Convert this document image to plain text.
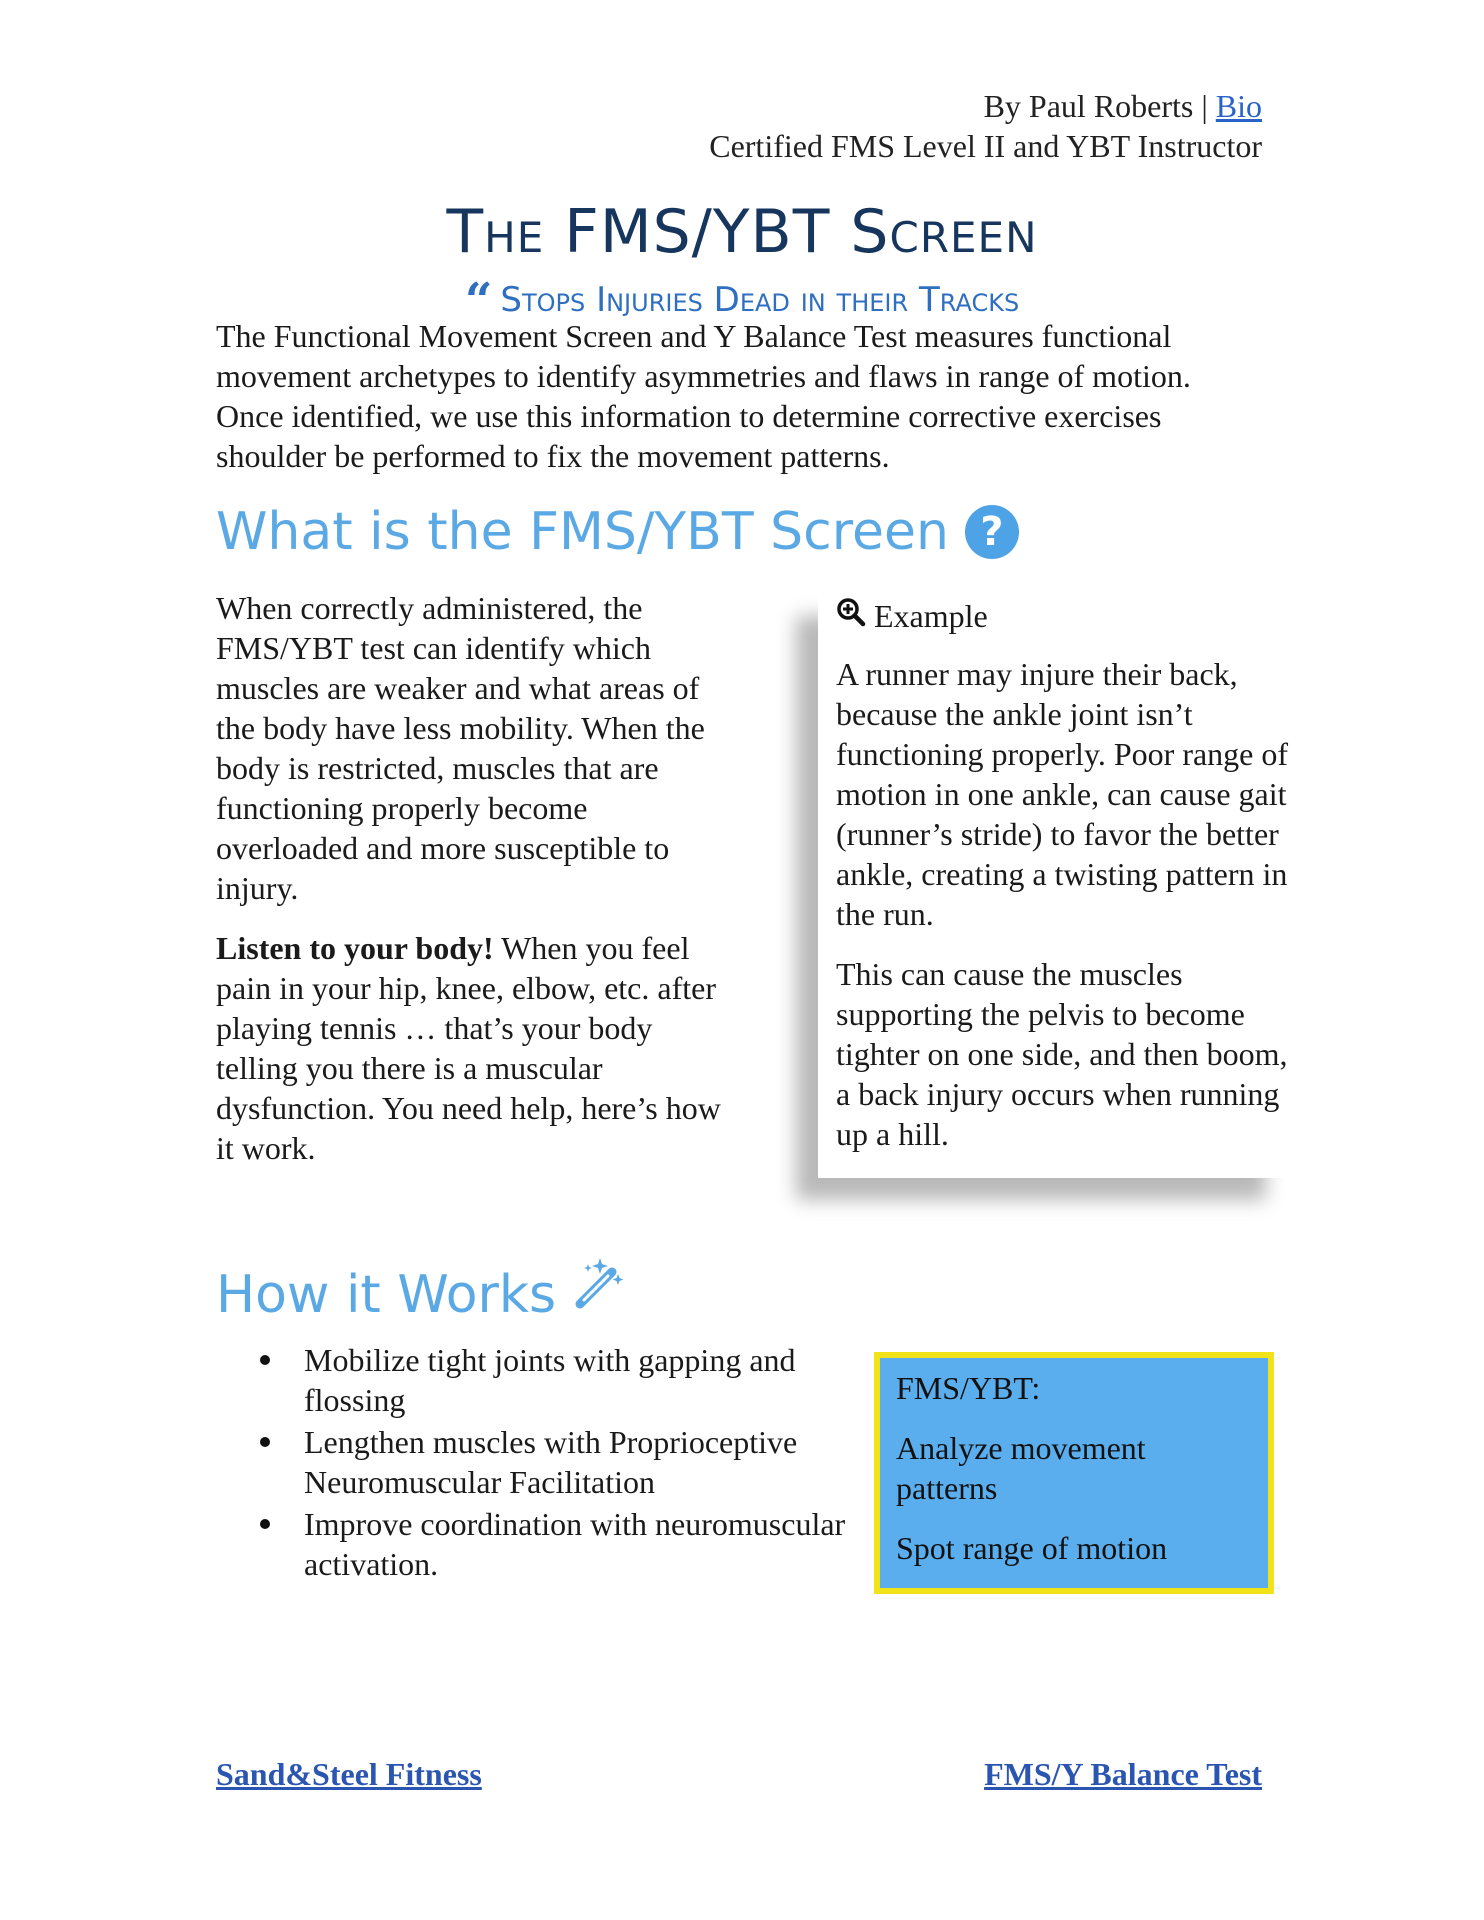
By Paul Roberts | Bio
Certified FMS Level II and YBT Instructor
The FMS/YBT Screen
“ Stops Injuries Dead in their Tracks
The Functional Movement Screen and Y Balance Test measures functional movement archetypes to identify asymmetries and flaws in range of motion. Once identified, we use this information to determine corrective exercises shoulder be performed to fix the movement patterns.
What is the FMS/YBT Screen ?

When correctly administered, the FMS/YBT test can identify which muscles are weaker and what areas of the body have less mobility. When the body is restricted, muscles that are functioning properly become overloaded and more susceptible to injury.

Listen to your body! When you feel pain in your hip, knee, elbow, etc. after playing tennis … that’s your body telling you there is a muscular dysfunction. You need help, here’s how it work.

Example

A runner may injure their back, because the ankle joint isn’t functioning properly. Poor range of motion in one ankle, can cause gait (runner’s stride) to favor the better ankle, creating a twisting pattern in the run.

This can cause the muscles supporting the pelvis to become tighter on one side, and then boom, a back injury occurs when running up a hill.

How it Works
Mobilize tight joints with gapping and flossing
Lengthen muscles with Proprioceptive Neuromuscular Facilitation
Improve coordination with neuromuscular activation.

FMS/YBT:

Analyze movement patterns

Spot range of motion

Sand&Steel Fitness	FMS/Y Balance Test
